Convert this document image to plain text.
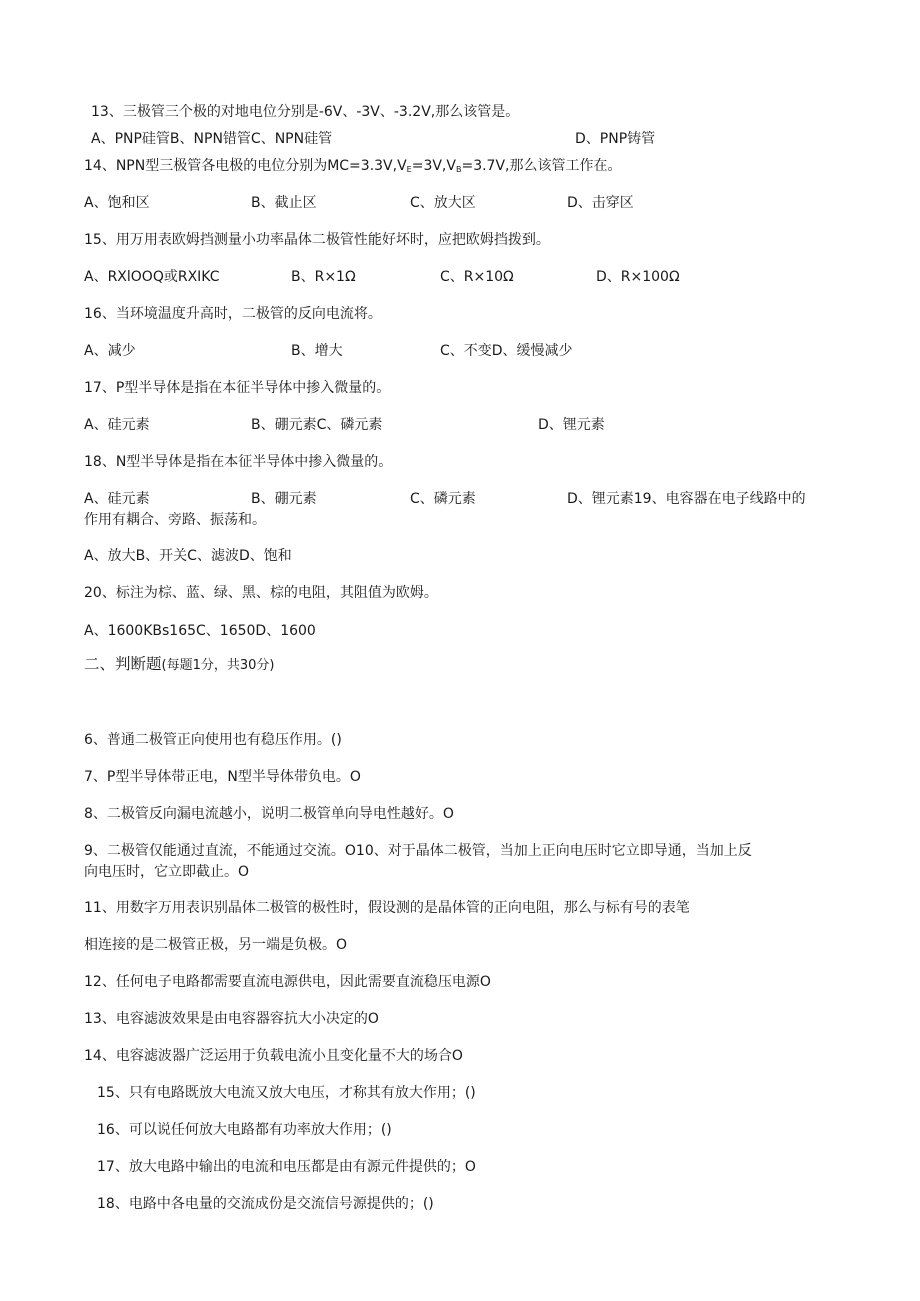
13、三极管三个极的对地电位分别是-6V、-3V、-3.2V,那么该管是。
A、PNP硅管B、NPN错管C、NPN硅管	D、PNP铸管
14、NPN型三极管各电极的电位分别为$MC=3.3V,V_E=3V,V_B=3.7V$,那么该管工作在。
A、饱和区	B、截止区	C、放大区	D、击穿区
15、用万用表欧姆挡测量小功率晶体二极管性能好坏时，应把欧姆挡拨到。
A、RXlOOQ或RXIKC	B、R×1Ω	C、R×10Ω	D、R×100Ω
16、当环境温度升高时，二极管的反向电流将。
A、减少	B、增大	C、不变D、缓慢减少
17、P型半导体是指在本征半导体中掺入微量的。
A、硅元素	B、硼元素C、磷元素	D、锂元素
18、N型半导体是指在本征半导体中掺入微量的。
A、硅元素	B、硼元素	C、磷元素	D、锂元素19、电容器在电子线路中的
作用有耦合、旁路、振荡和。
A、放大B、开关C、滤波D、饱和
20、标注为棕、蓝、绿、黑、棕的电阻，其阻值为欧姆。
A、1600KBs165C、1650D、1600
二、判断题(每题1分，共30分)
6、普通二极管正向使用也有稳压作用。()
7、P型半导体带正电，N型半导体带负电。O
8、二极管反向漏电流越小，说明二极管单向导电性越好。O
9、二极管仅能通过直流，不能通过交流。O10、对于晶体二极管，当加上正向电压时它立即导通，当加上反
向电压时，它立即截止。O
11、用数字万用表识别晶体二极管的极性时，假设测的是晶体管的正向电阻，那么与标有号的表笔
相连接的是二极管正极，另一端是负极。O
12、任何电子电路都需要直流电源供电，因此需要直流稳压电源O
13、电容滤波效果是由电容器容抗大小决定的O
14、电容滤波器广泛运用于负载电流小且变化量不大的场合O
15、只有电路既放大电流又放大电压，才称其有放大作用；()
16、可以说任何放大电路都有功率放大作用；()
17、放大电路中输出的电流和电压都是由有源元件提供的；O
18、电路中各电量的交流成份是交流信号源提供的；()
